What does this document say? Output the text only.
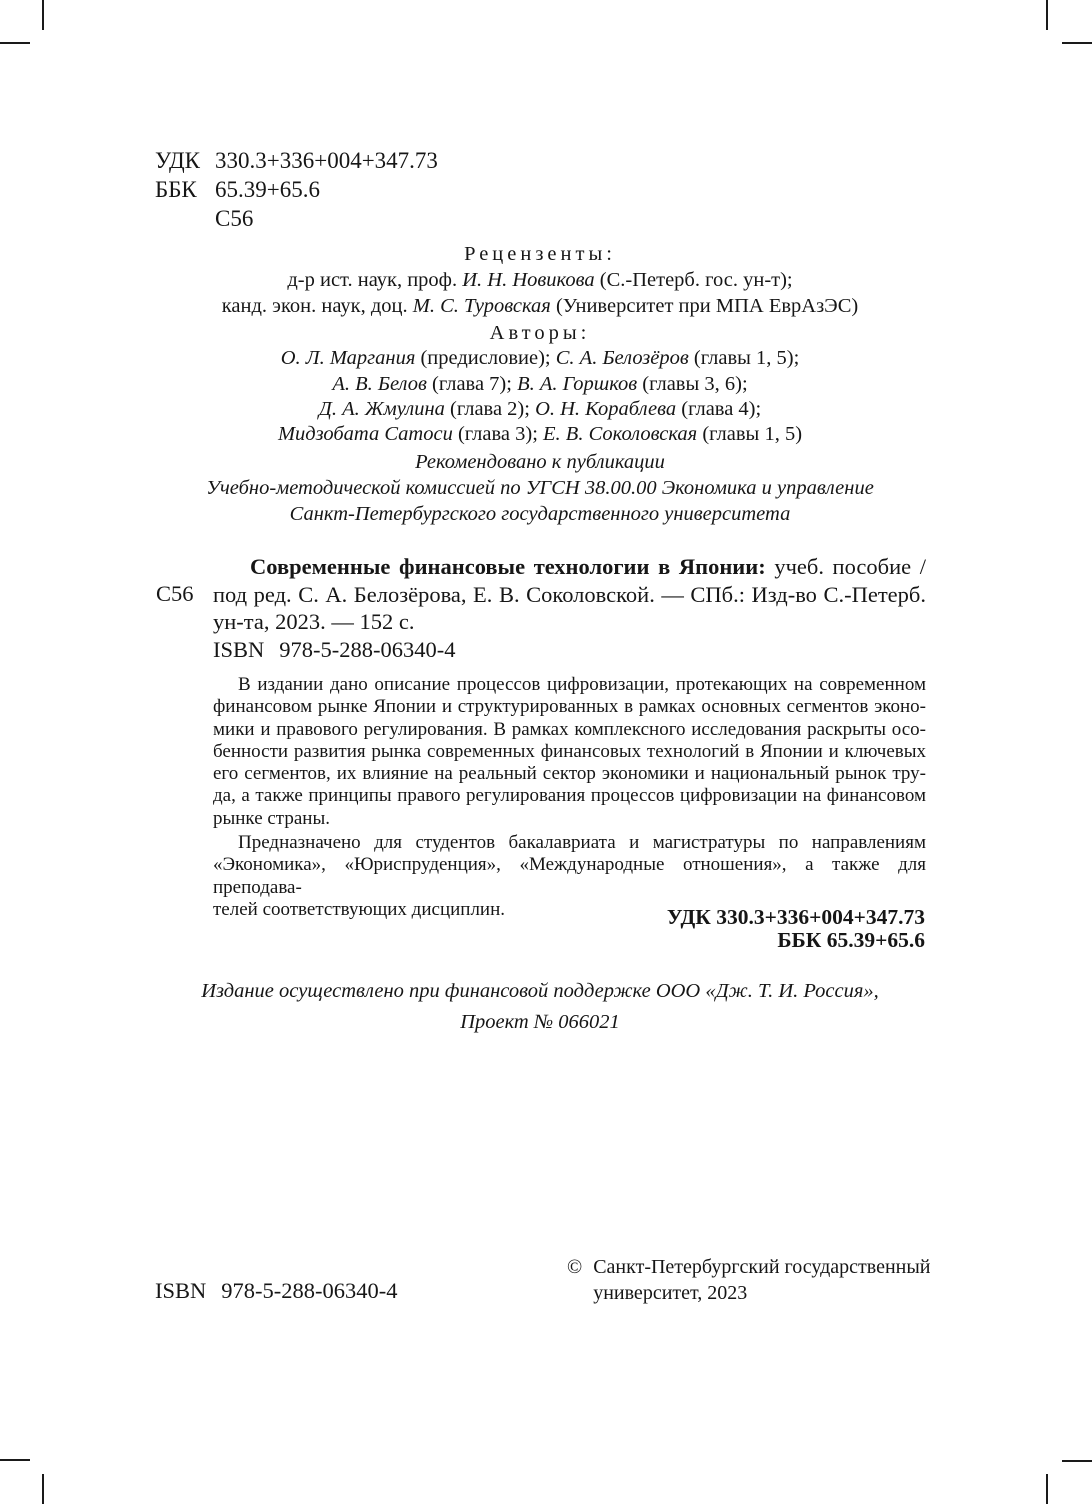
УДК 330.3+336+004+347.73
ББК 65.39+65.6
С56
Рецензенты:
д-р ист. наук, проф. И. Н. Новикова (С.-Петерб. гос. ун-т);
канд. экон. наук, доц. М. С. Туровская (Университет при МПА ЕврАзЭС)
Авторы:
О. Л. Маргания (предисловие); С. А. Белозёров (главы 1, 5);
А. В. Белов (глава 7); В. А. Горшков (главы 3, 6);
Д. А. Жмулина (глава 2); О. Н. Кораблева (глава 4);
Мидзобата Сатоси (глава 3); Е. В. Соколовская (главы 1, 5)
Рекомендовано к публикации
Учебно-методической комиссией по УГСН 38.00.00 Экономика и управление
Санкт-Петербургского государственного университета
С56
Современные финансовые технологии в Японии: учеб. пособие /
под ред. С. А. Белозёрова, Е. В. Соколовской. — СПб.: Изд-во С.-Петерб.
ун-та, 2023. — 152 с.
ISBN 978-5-288-06340-4
В издании дано описание процессов цифровизации, протекающих на современном
финансовом рынке Японии и структурированных в рамках основных сегментов эконо-
мики и правового регулирования. В рамках комплексного исследования раскрыты осо-
бенности развития рынка современных финансовых технологий в Японии и ключевых
его сегментов, их влияние на реальный сектор экономики и национальный рынок тру-
да, а также принципы правого регулирования процессов цифровизации на финансовом
рынке страны.
Предназначено для студентов бакалавриата и магистратуры по направлениям
«Экономика», «Юриспруденция», «Международные отношения», а также для преподава-
телей соответствующих дисциплин.	УДК 330.3+336+004+347.73
ББК 65.39+65.6
Издание осуществлено при финансовой поддержке ООО «Дж. Т. И. Россия»,
Проект № 066021
ISBN 978-5-288-06340-4
© Санкт-Петербургский государственный
университет, 2023
